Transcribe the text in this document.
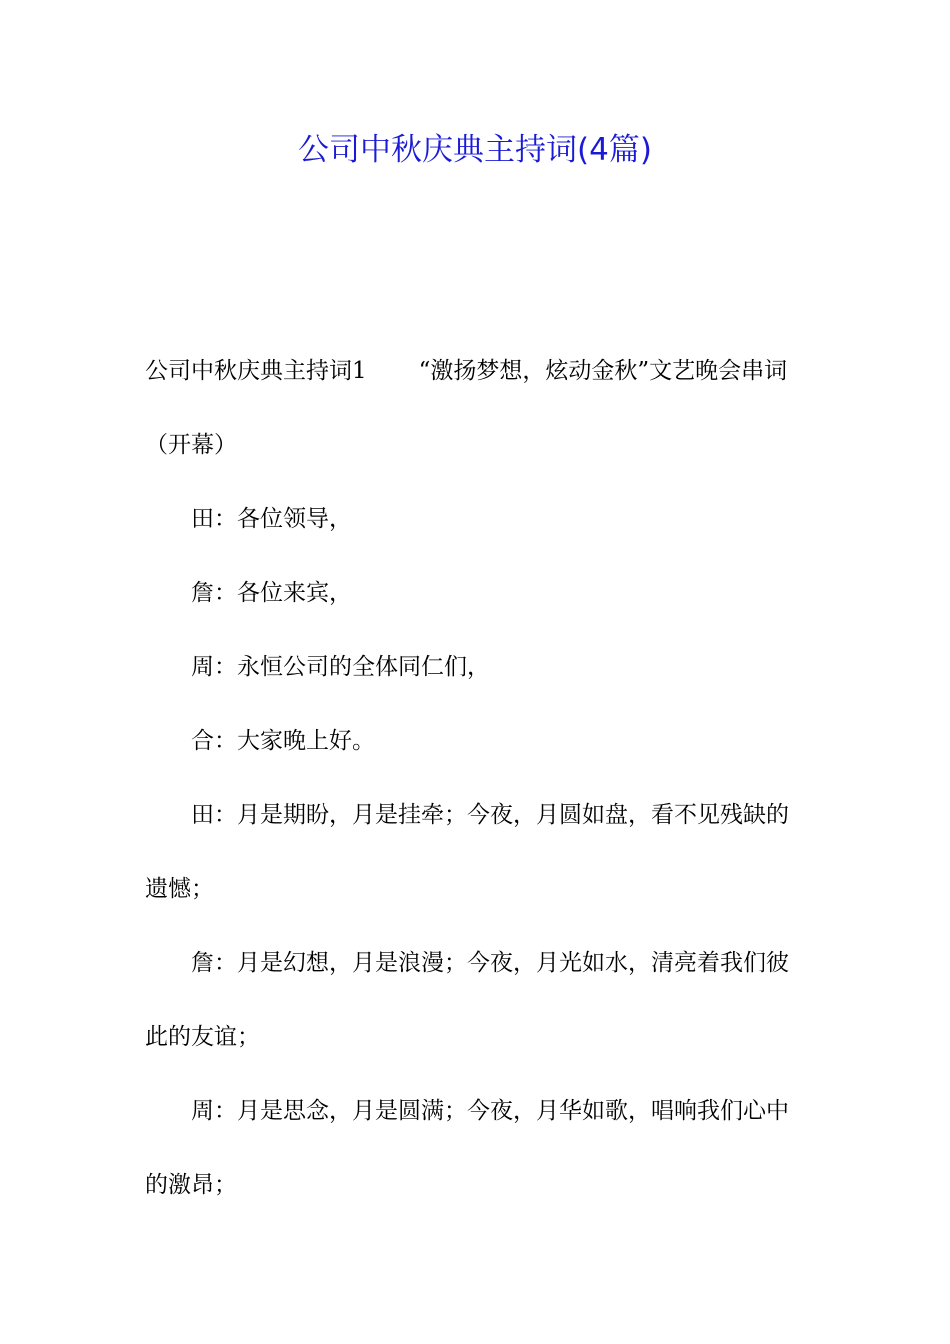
公司中秋庆典主持词(4篇)

公司中秋庆典主持词1 “激扬梦想，炫动金秋”文艺晚会串词 （开幕）

田：各位领导，

詹：各位来宾，

周：永恒公司的全体同仁们，

合：大家晚上好。

田：月是期盼，月是挂牵；今夜，月圆如盘，看不见残缺的遗憾；

詹：月是幻想，月是浪漫；今夜，月光如水，清亮着我们彼此的友谊；

周：月是思念，月是圆满；今夜，月华如歌，唱响我们心中的激昂；
